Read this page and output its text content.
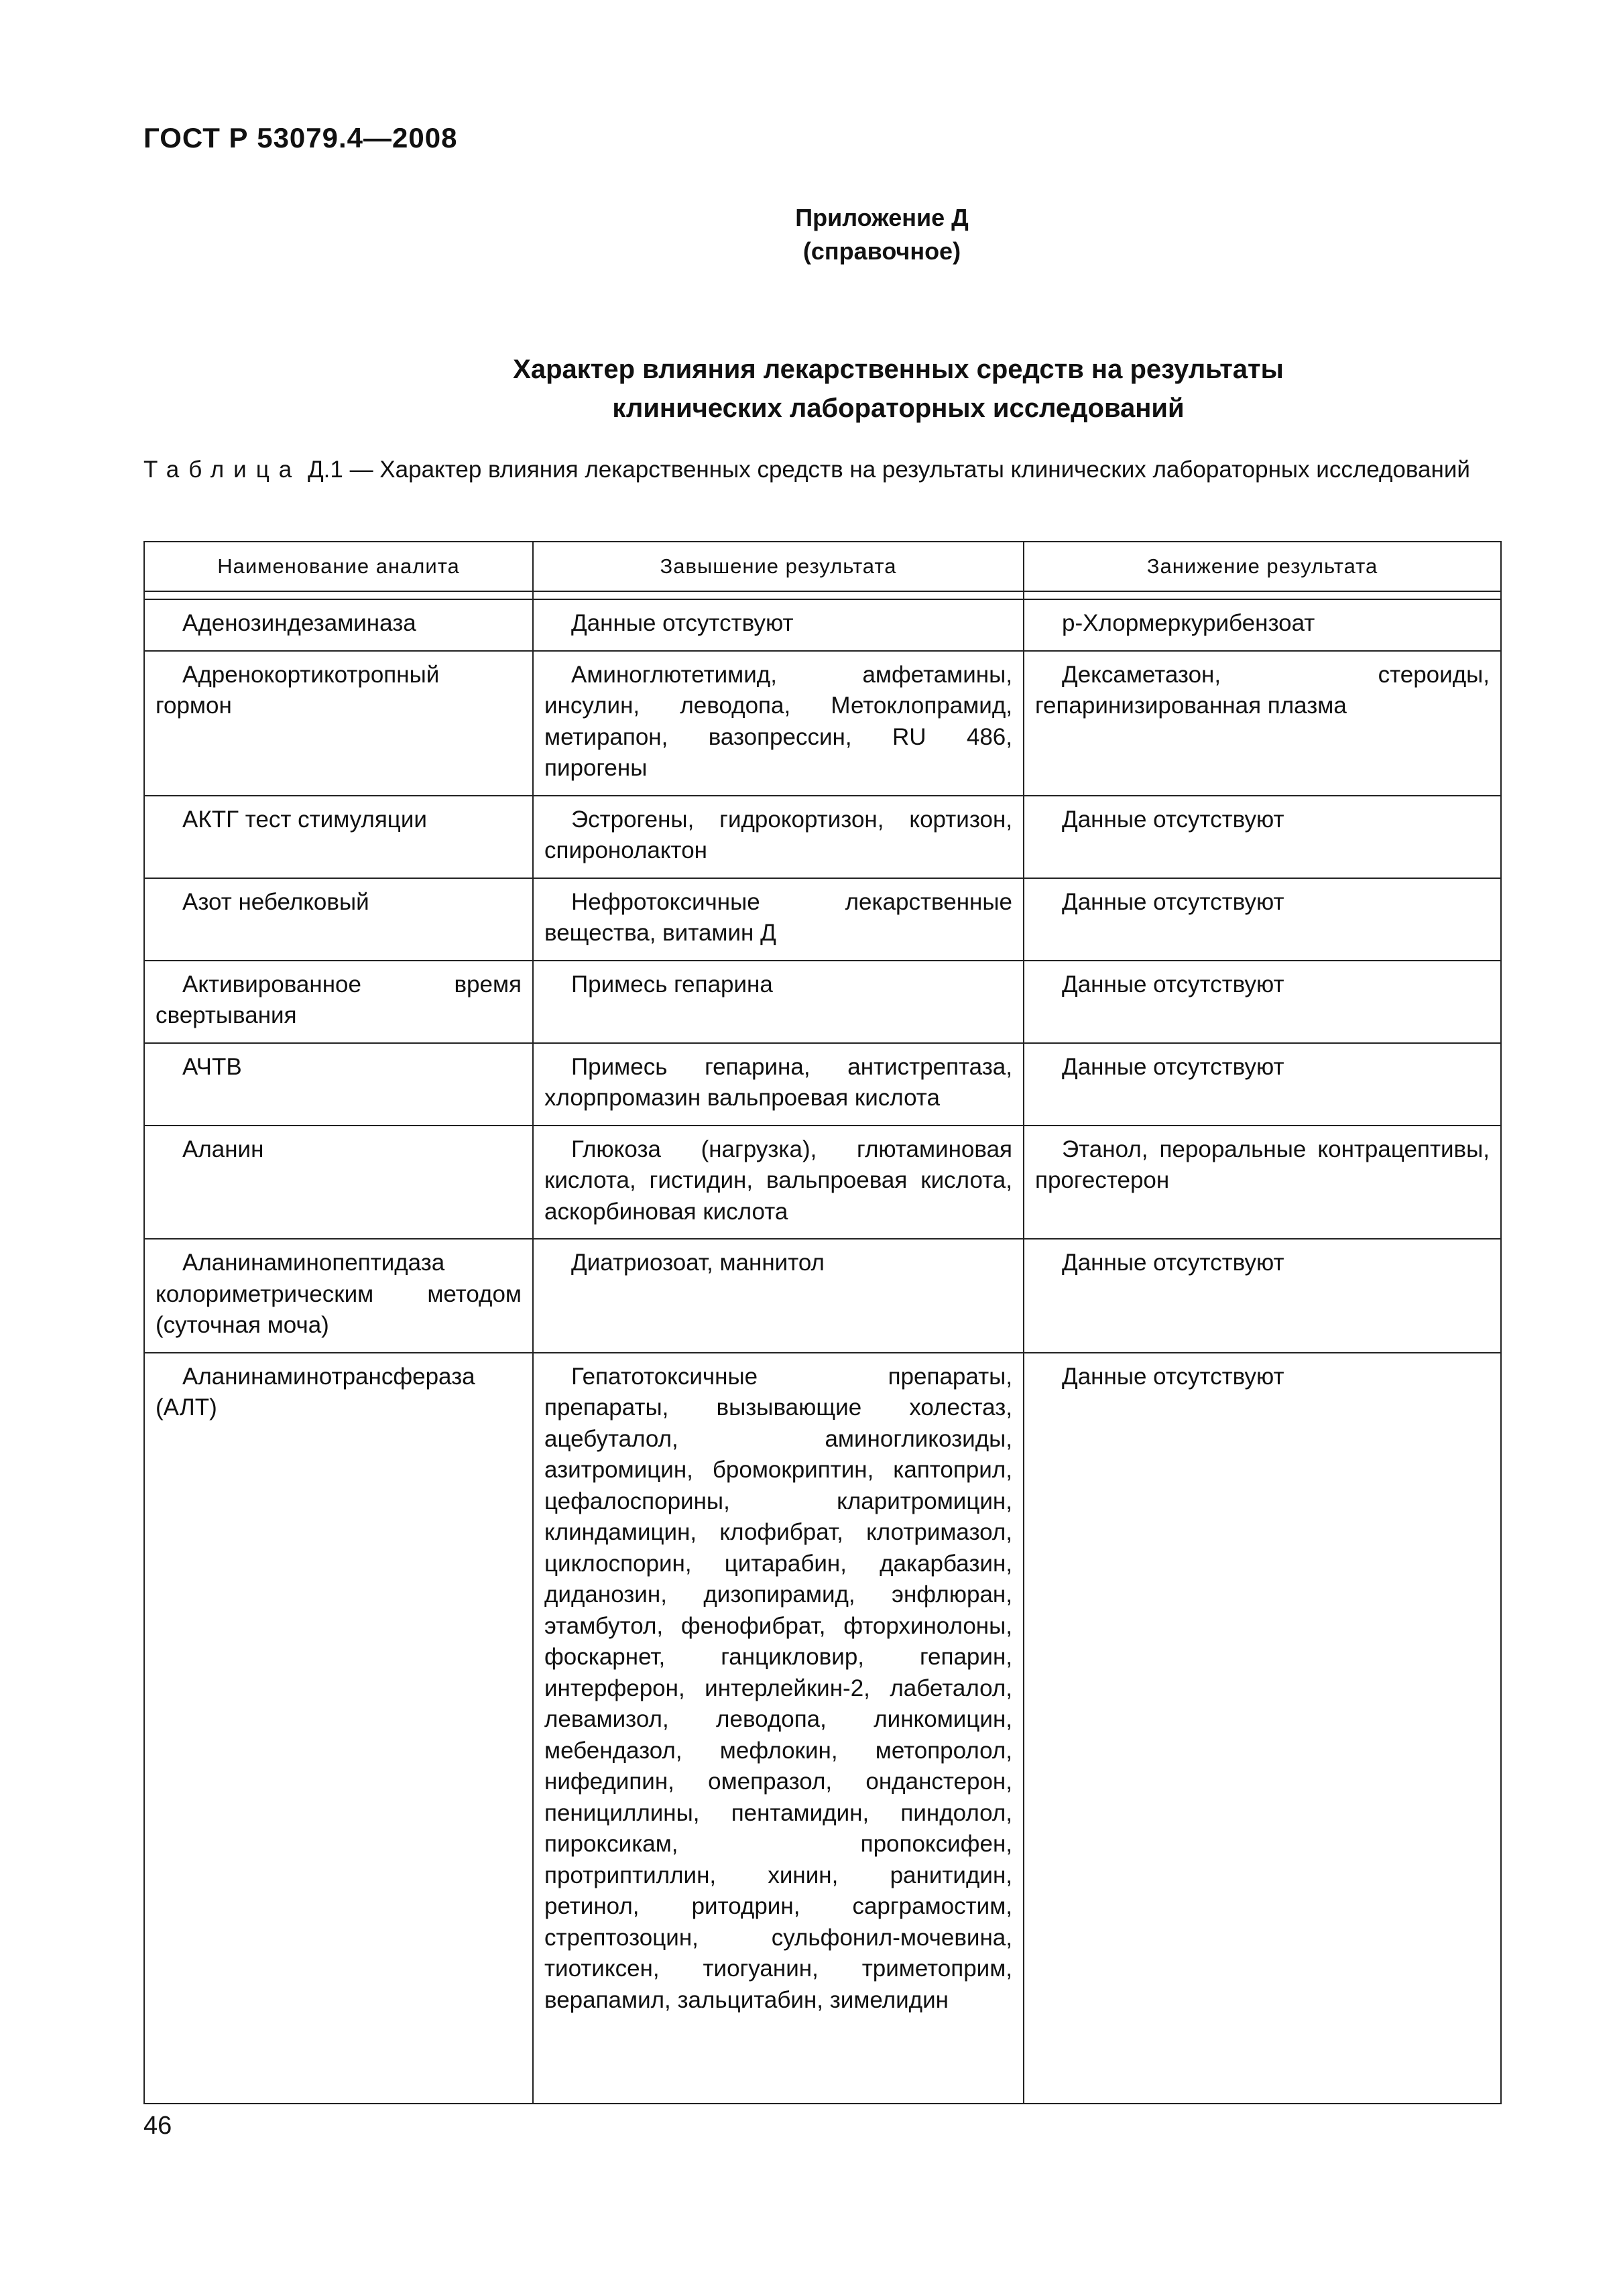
ГОСТ Р 53079.4—2008
Приложение Д
(справочное)
Характер влияния лекарственных средств на результаты
клинических лабораторных исследований
Таблица Д.1 — Характер влияния лекарственных средств на результаты клинических лабораторных исследований
Наименование аналита	Завышение результата	Занижение результата

Аденозиндезаминаза	Данные отсутствуют	p-Хлормеркурибензоат

Адренокортикотропный гормон	Аминоглютетимид, амфетамины, инсулин, леводопа, Метоклопрамид, метирапон, вазопрессин, RU 486, пирогены	Дексаметазон, стероиды, гепаринизированная плазма

АКТГ тест стимуляции	Эстрогены, гидрокортизон, кортизон, спиронолактон	Данные отсутствуют

Азот небелковый	Нефротоксичные лекарственные вещества, витамин Д	Данные отсутствуют

Активированное время свертывания	Примесь гепарина	Данные отсутствуют

АЧТВ	Примесь гепарина, антистрептаза, хлорпромазин вальпроевая кислота	Данные отсутствуют

Аланин	Глюкоза (нагрузка), глютаминовая кислота, гистидин, вальпроевая кислота, аскорбиновая кислота	Этанол, пероральные контрацептивы, прогестерон

Аланинаминопептидаза колориметрическим методом (суточная моча)	Диатриозоат, маннитол	Данные отсутствуют

Аланинаминотрансфераза (АЛТ)	Гепатотоксичные препараты, препараты, вызывающие холестаз, ацебуталол, аминогликозиды, азитромицин, бромокриптин, каптоприл, цефалоспорины, кларитромицин, клиндамицин, клофибрат, клотримазол, циклоспорин, цитарабин, дакарбазин, диданозин, дизопирамид, энфлюран, этамбутол, фенофибрат, фторхинолоны, фоскарнет, ганцикловир, гепарин, интерферон, интерлейкин-2, лабеталол, левамизол, леводопа, линкомицин, мебендазол, мефлокин, метопролол, нифедипин, омепразол, онданстерон, пенициллины, пентамидин, пиндолол, пироксикам, пропоксифен, протриптиллин, хинин, ранитидин, ретинол, ритодрин, сарграмостим, стрептозоцин, сульфонил-мочевина, тиотиксен, тиогуанин, триметоприм, верапамил, зальцитабин, зимелидин	Данные отсутствуют
46
